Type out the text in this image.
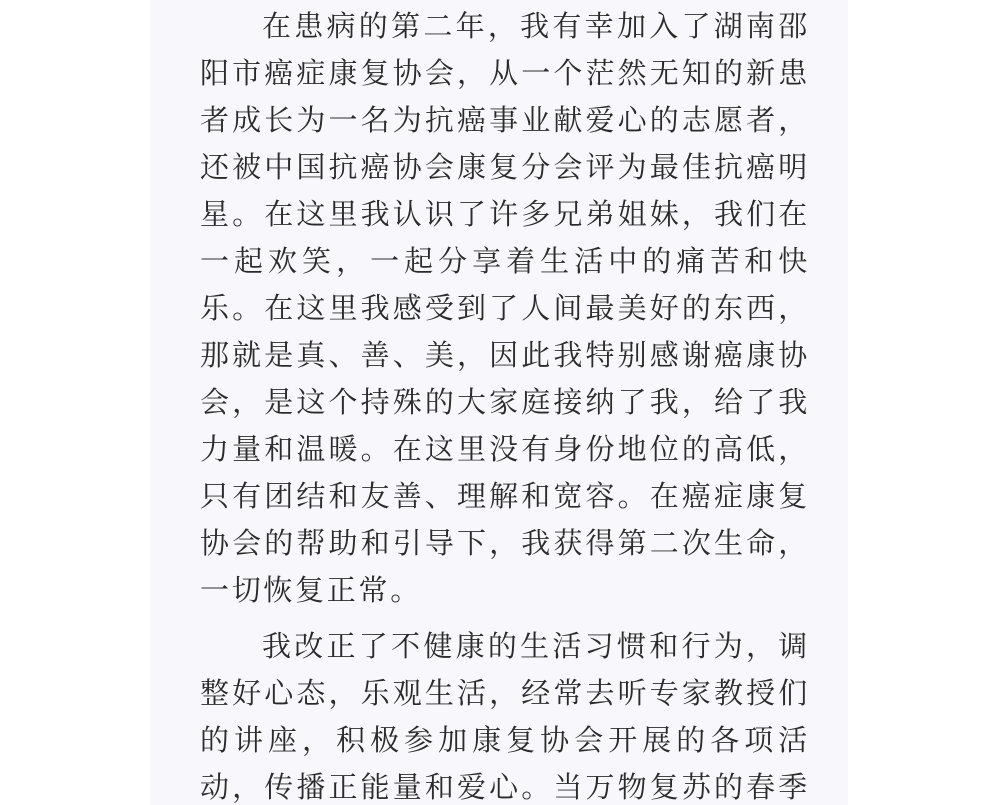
在患病的第二年，我有幸加入了湖南邵
阳市癌症康复协会，从一个茫然无知的新患
者成长为一名为抗癌事业献爱心的志愿者，
还被中国抗癌协会康复分会评为最佳抗癌明
星。在这里我认识了许多兄弟姐妹，我们在
一起欢笑，一起分享着生活中的痛苦和快
乐。在这里我感受到了人间最美好的东西，
那就是真、善、美，因此我特别感谢癌康协
会，是这个持殊的大家庭接纳了我，给了我
力量和温暖。在这里没有身份地位的高低，
只有团结和友善、理解和宽容。在癌症康复
协会的帮助和引导下，我获得第二次生命，
一切恢复正常。
我改正了不健康的生活习惯和行为，调
整好心态，乐观生活，经常去听专家教授们
的讲座，积极参加康复协会开展的各项活
动，传播正能量和爱心。当万物复苏的春季
